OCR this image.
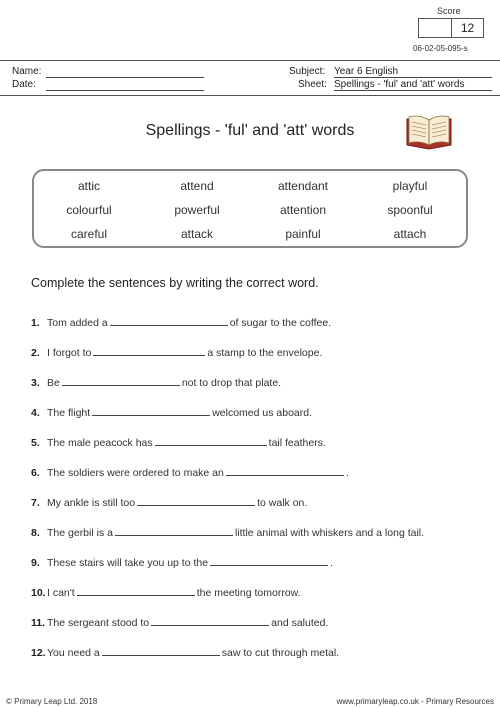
Score
12
06-02-05-095-s
Name:
Date:
Subject: Year 6 English
Sheet: Spellings - 'ful' and 'att' words
Spellings - 'ful' and 'att' words
attic	attend	attendant	playful
colourful	powerful	attention	spoonful
careful	attack	painful	attach
Complete the sentences by writing the correct word.
1. Tom added a	of sugar to the coffee.
2. I forgot to	a stamp to the envelope.
3. Be	not to drop that plate.
4. The flight	welcomed us aboard.
5. The male peacock has	tail feathers.
6. The soldiers were ordered to make an	.
7. My ankle is still too	to walk on.
8. The gerbil is a	little animal with whiskers and a long tail.
9. These stairs will take you up to the	.
10.I can't	the meeting tomorrow.
11. The sergeant stood to	and saluted.
12.You need a	saw to cut through metal.
© Primary Leap Ltd. 2018	www.primaryleap.co.uk - Primary Resources
